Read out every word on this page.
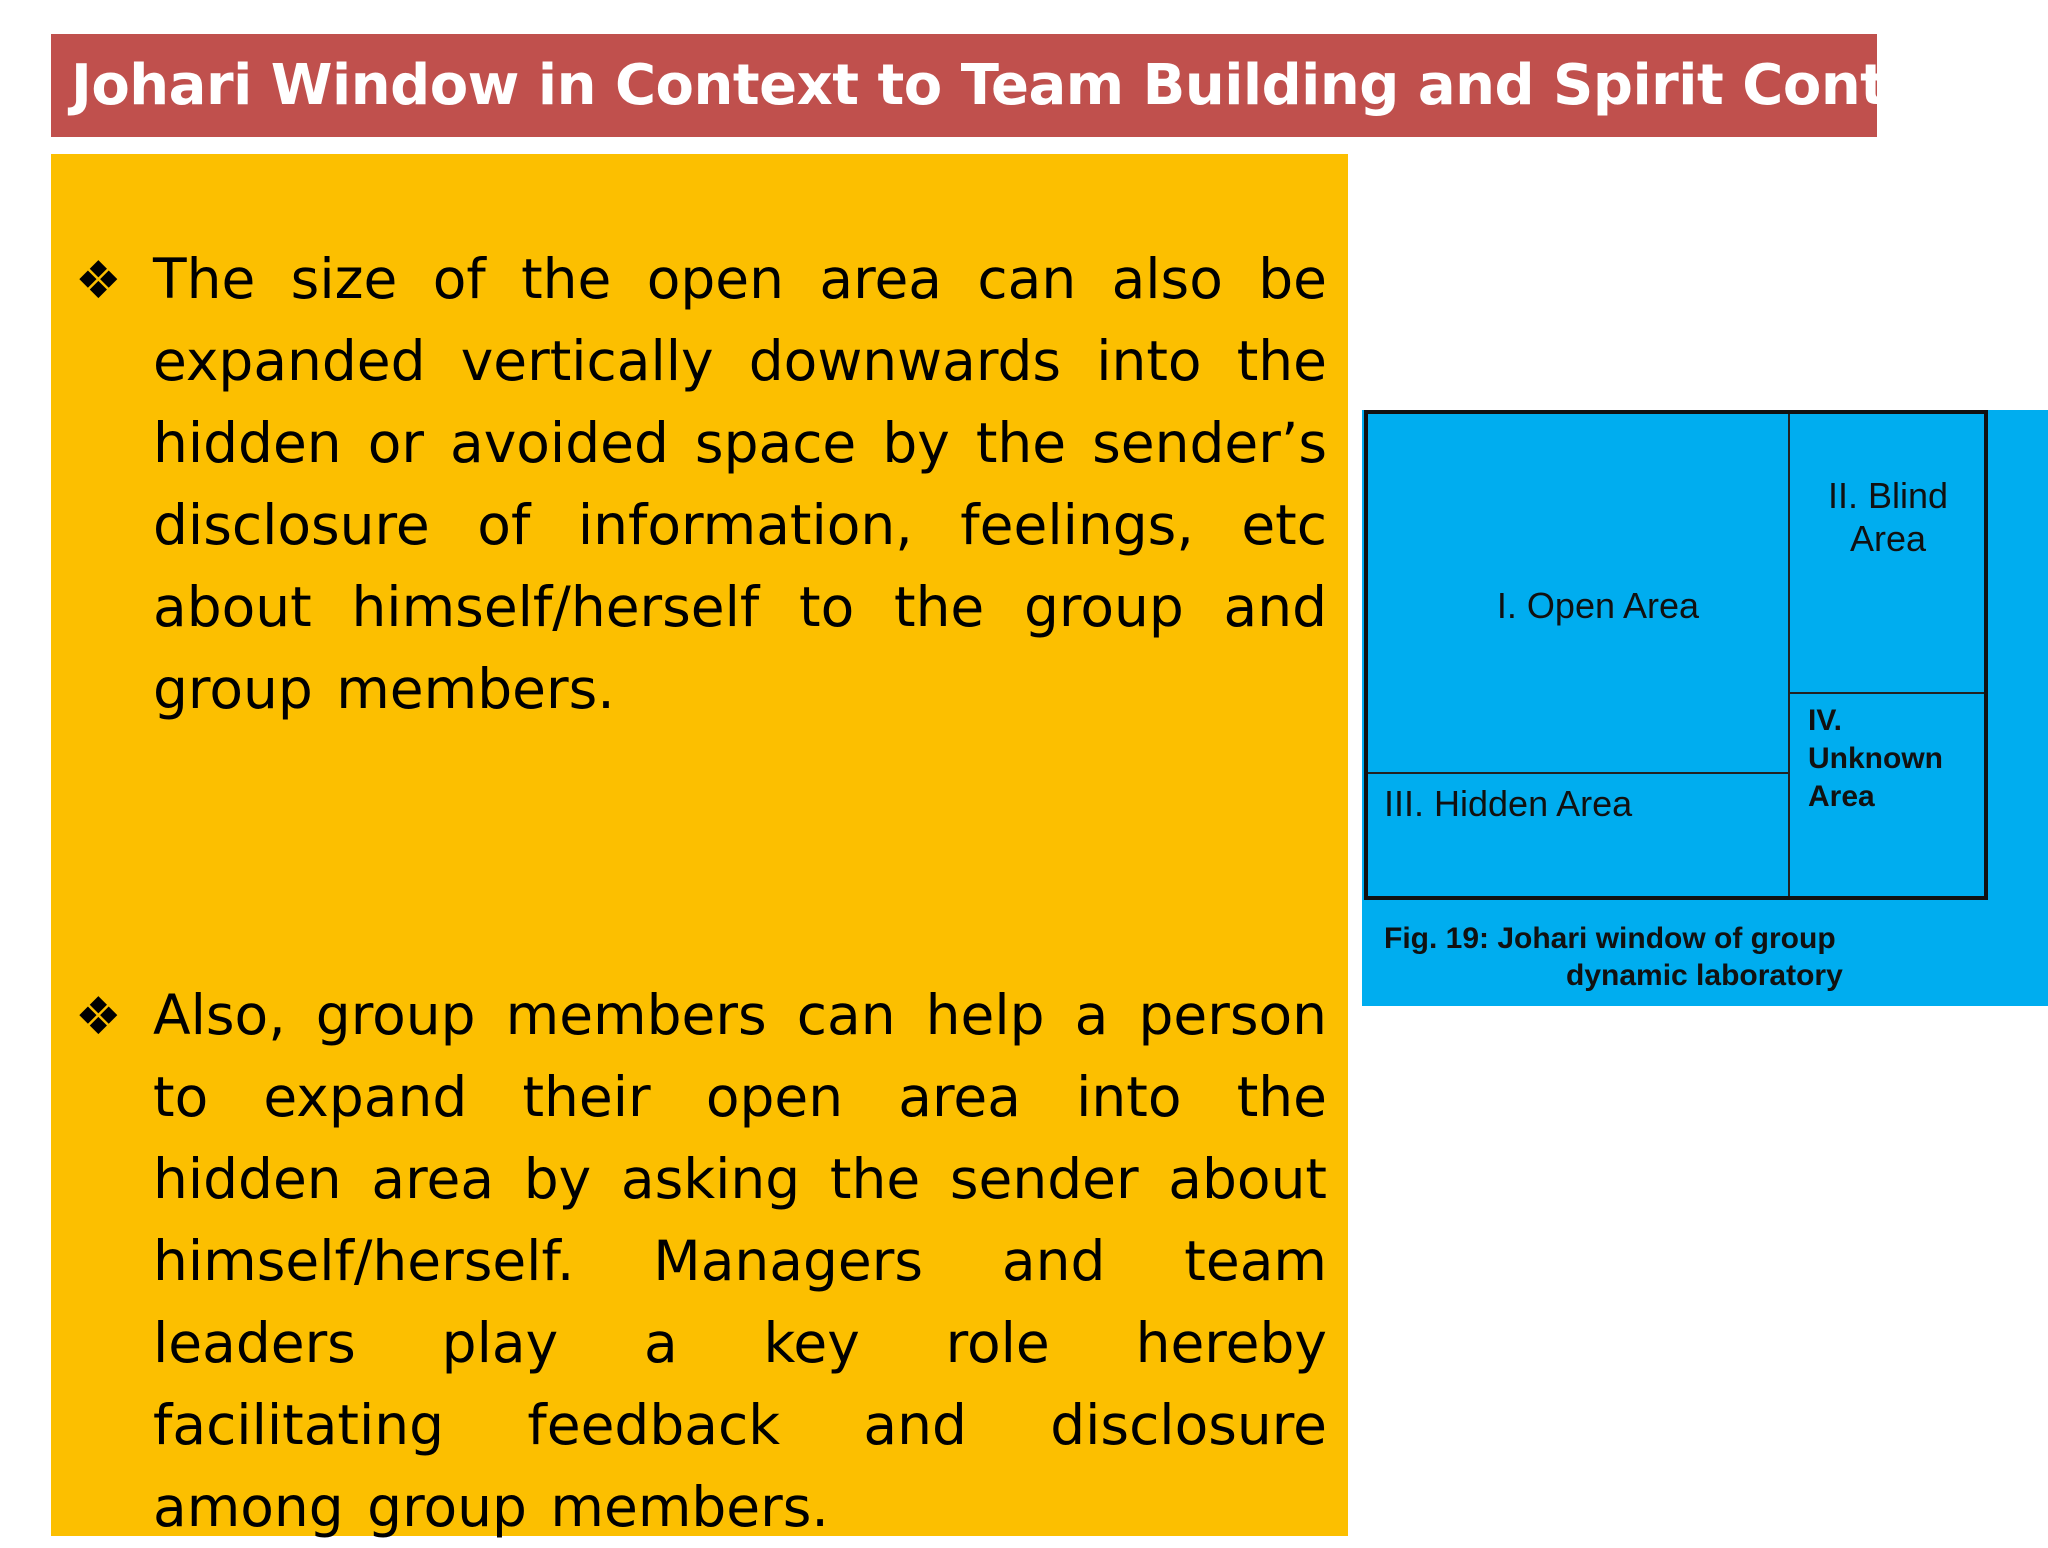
Johari Window in Context to Team Building and Spirit Cont..
❖ The size of the open area can also be expanded vertically downwards into the hidden or avoided space by the sender’s disclosure of information, feelings, etc about himself/herself to the group and group members.
❖ Also, group members can help a person to expand their open area into the hidden area by asking the sender about himself/herself. Managers and team leaders play a key role hereby facilitating feedback and disclosure among group members.
I. Open Area
II. Blind
Area
III. Hidden Area
IV.
Unknown
Area
Fig. 19: Johari window of group
dynamic laboratory
